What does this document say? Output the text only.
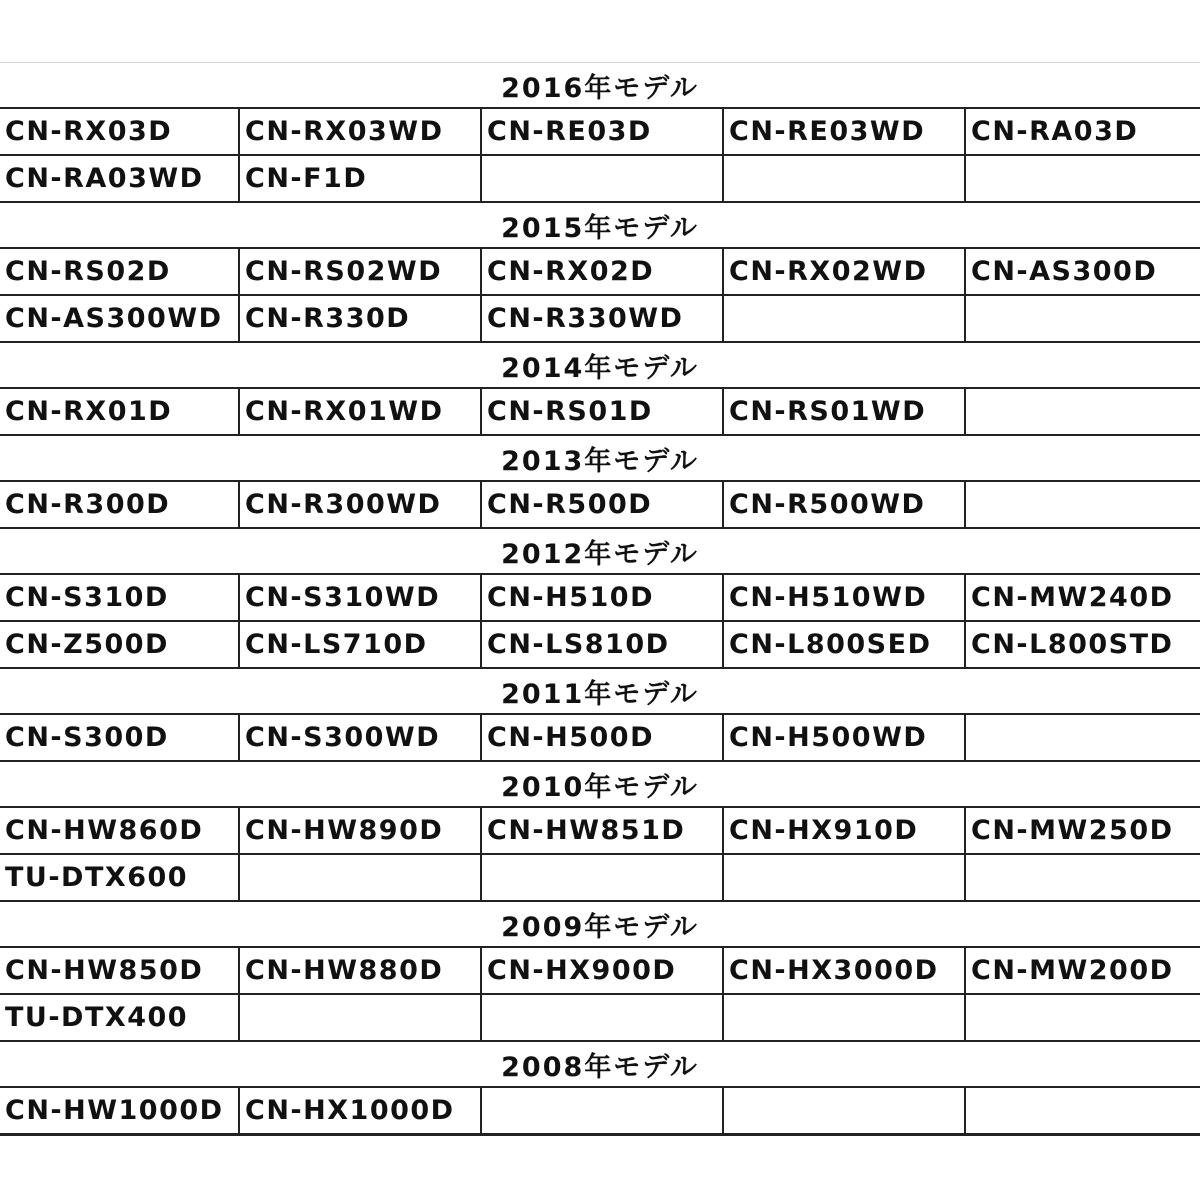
2016年モデル				
CN-RX03D	CN-RX03WD	CN-RE03D	CN-RE03WD	CN-RA03D
CN-RA03WD	CN-F1D			
2015年モデル				
CN-RS02D	CN-RS02WD	CN-RX02D	CN-RX02WD	CN-AS300D
CN-AS300WD	CN-R330D	CN-R330WD		
2014年モデル				
CN-RX01D	CN-RX01WD	CN-RS01D	CN-RS01WD	
2013年モデル				
CN-R300D	CN-R300WD	CN-R500D	CN-R500WD	
2012年モデル				
CN-S310D	CN-S310WD	CN-H510D	CN-H510WD	CN-MW240D
CN-Z500D	CN-LS710D	CN-LS810D	CN-L800SED	CN-L800STD
2011年モデル				
CN-S300D	CN-S300WD	CN-H500D	CN-H500WD	
2010年モデル				
CN-HW860D	CN-HW890D	CN-HW851D	CN-HX910D	CN-MW250D
TU-DTX600				
2009年モデル				
CN-HW850D	CN-HW880D	CN-HX900D	CN-HX3000D	CN-MW200D
TU-DTX400				
2008年モデル				
CN-HW1000D	CN-HX1000D			
